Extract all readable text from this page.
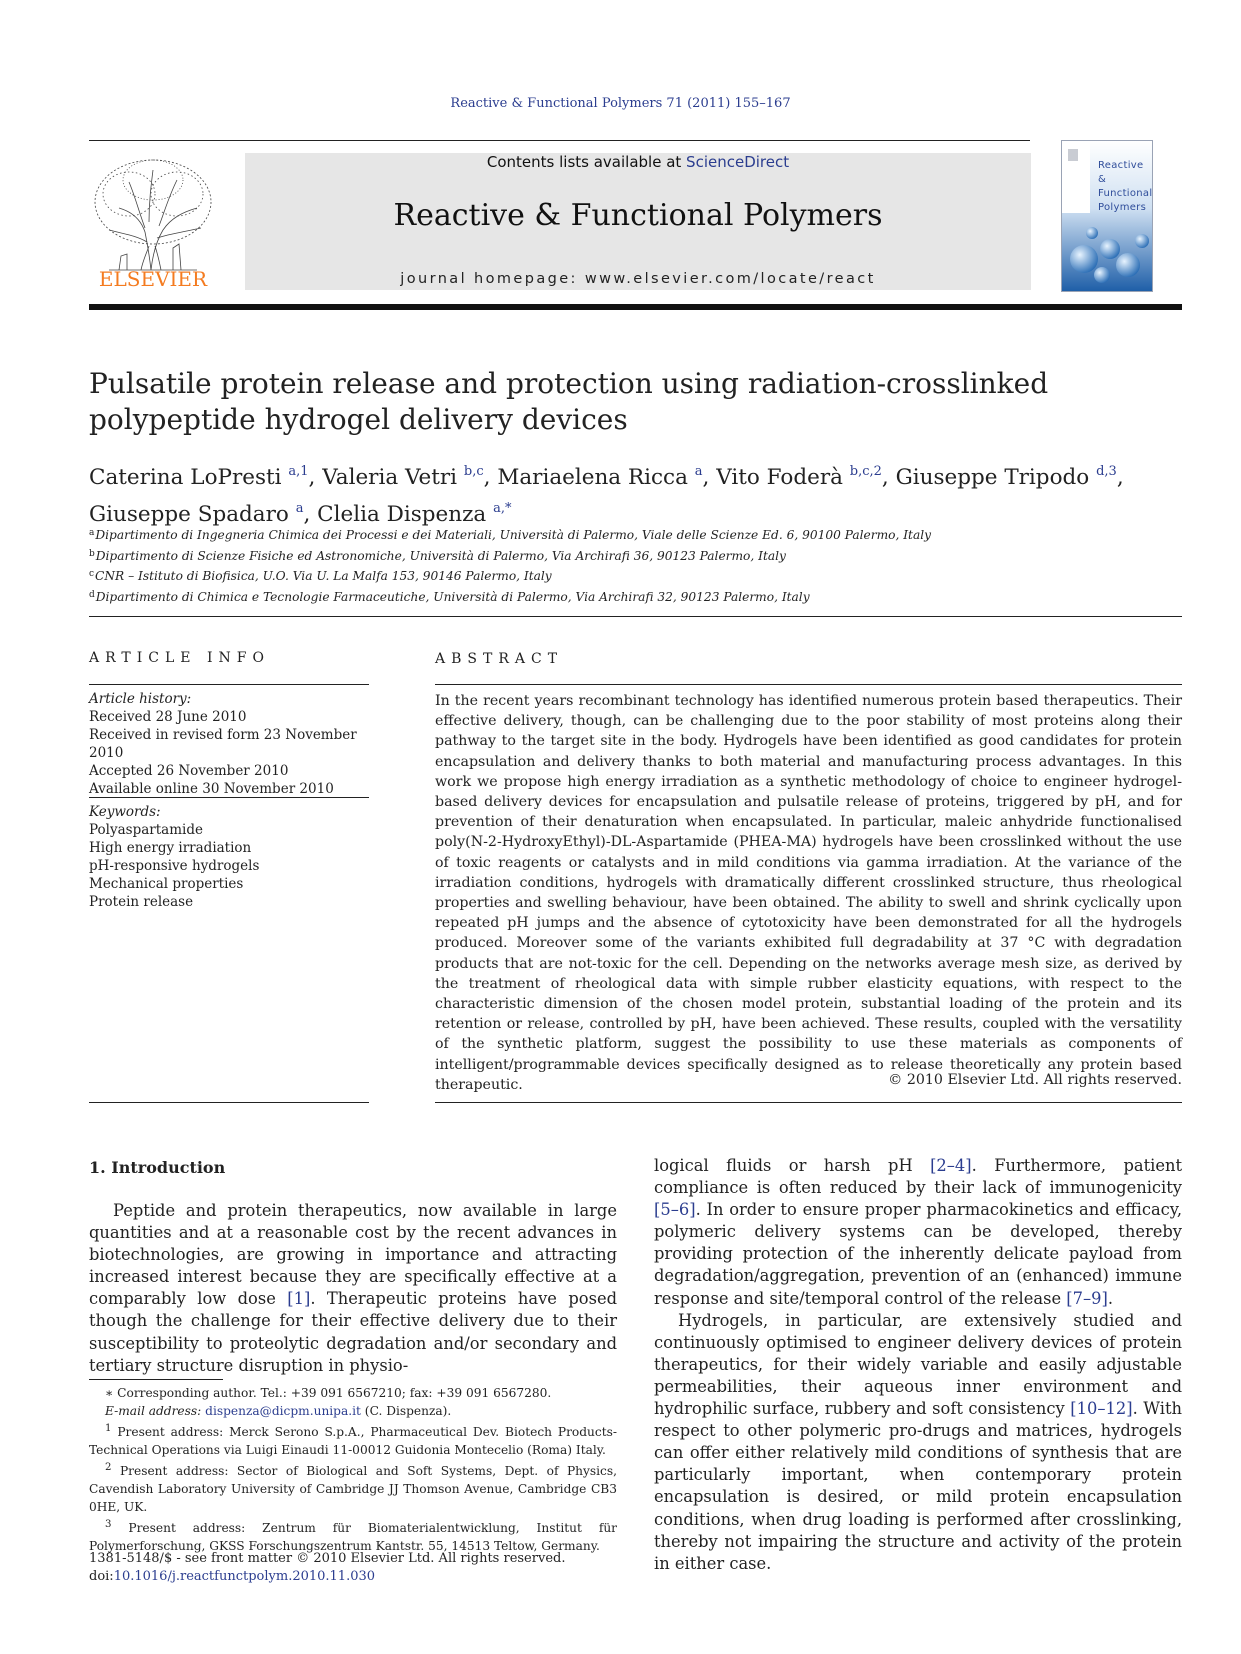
Reactive & Functional Polymers 71 (2011) 155–167
ELSEVIER
Contents lists available at ScienceDirect
Reactive & Functional Polymers
journal homepage: www.elsevier.com/locate/react
Reactive &
Functional
Polymers
Pulsatile protein release and protection using radiation-crosslinked polypeptide hydrogel delivery devices
Caterina LoPresti $^{a,1}$, Valeria Vetri $^{b,c}$, Mariaelena Ricca $^a$, Vito Foderà $^{b,c,2}$, Giuseppe Tripodo $^{d,3}$,
Giuseppe Spadaro $^a$, Clelia Dispenza $^{a,*}$
$^a$Dipartimento di Ingegneria Chimica dei Processi e dei Materiali, Università di Palermo, Viale delle Scienze Ed. 6, 90100 Palermo, Italy
$^b$Dipartimento di Scienze Fisiche ed Astronomiche, Università di Palermo, Via Archirafi 36, 90123 Palermo, Italy
$^c$CNR – Istituto di Biofisica, U.O. Via U. La Malfa 153, 90146 Palermo, Italy
$^d$Dipartimento di Chimica e Tecnologie Farmaceutiche, Università di Palermo, Via Archirafi 32, 90123 Palermo, Italy
ARTICLE INFO
Article history:
Received 28 June 2010
Received in revised form 23 November 2010
Accepted 26 November 2010
Available online 30 November 2010
Keywords:
Polyaspartamide
High energy irradiation
pH-responsive hydrogels
Mechanical properties
Protein release
ABSTRACT
In the recent years recombinant technology has identified numerous protein based therapeutics. Their effective delivery, though, can be challenging due to the poor stability of most proteins along their pathway to the target site in the body. Hydrogels have been identified as good candidates for protein encapsulation and delivery thanks to both material and manufacturing process advantages. In this work we propose high energy irradiation as a synthetic methodology of choice to engineer hydrogel-based delivery devices for encapsulation and pulsatile release of proteins, triggered by pH, and for prevention of their denaturation when encapsulated. In particular, maleic anhydride functionalised poly(N-2-HydroxyEthyl)-DL-Aspartamide (PHEA-MA) hydrogels have been crosslinked without the use of toxic reagents or catalysts and in mild conditions via gamma irradiation. At the variance of the irradiation conditions, hydrogels with dramatically different crosslinked structure, thus rheological properties and swelling behaviour, have been obtained. The ability to swell and shrink cyclically upon repeated pH jumps and the absence of cytotoxicity have been demonstrated for all the hydrogels produced. Moreover some of the variants exhibited full degradability at 37 °C with degradation products that are not-toxic for the cell. Depending on the networks average mesh size, as derived by the treatment of rheological data with simple rubber elasticity equations, with respect to the characteristic dimension of the chosen model protein, substantial loading of the protein and its retention or release, controlled by pH, have been achieved. These results, coupled with the versatility of the synthetic platform, suggest the possibility to use these materials as components of intelligent/programmable devices specifically designed as to release theoretically any protein based therapeutic.	© 2010 Elsevier Ltd. All rights reserved.
1. Introduction

Peptide and protein therapeutics, now available in large quantities and at a reasonable cost by the recent advances in biotechnologies, are growing in importance and attracting increased interest because they are specifically effective at a comparably low dose [1]. Therapeutic proteins have posed though the challenge for their effective delivery due to their susceptibility to proteolytic degradation and/or secondary and tertiary structure disruption in physio-

logical fluids or harsh pH [2–4]. Furthermore, patient compliance is often reduced by their lack of immunogenicity [5–6]. In order to ensure proper pharmacokinetics and efficacy, polymeric delivery systems can be developed, thereby providing protection of the inherently delicate payload from degradation/aggregation, prevention of an (enhanced) immune response and site/temporal control of the release [7–9].

Hydrogels, in particular, are extensively studied and continuously optimised to engineer delivery devices of protein therapeutics, for their widely variable and easily adjustable permeabilities, their aqueous inner environment and hydrophilic surface, rubbery and soft consistency [10–12]. With respect to other polymeric pro-drugs and matrices, hydrogels can offer either relatively mild conditions of synthesis that are particularly important, when contemporary protein encapsulation is desired, or mild protein encapsulation conditions, when drug loading is performed after crosslinking, thereby not impairing the structure and activity of the protein in either case.

∗ Corresponding author. Tel.: +39 091 6567210; fax: +39 091 6567280.
E-mail address: dispenza@dicpm.unipa.it (C. Dispenza).
$^1$ Present address: Merck Serono S.p.A., Pharmaceutical Dev. Biotech Products-Technical Operations via Luigi Einaudi 11-00012 Guidonia Montecelio (Roma) Italy.
$^2$ Present address: Sector of Biological and Soft Systems, Dept. of Physics, Cavendish Laboratory University of Cambridge JJ Thomson Avenue, Cambridge CB3 0HE, UK.
$^3$ Present address: Zentrum für Biomaterialentwicklung, Institut für Polymerforschung, GKSS Forschungszentrum Kantstr. 55, 14513 Teltow, Germany.
1381-5148/$ - see front matter © 2010 Elsevier Ltd. All rights reserved.
doi:10.1016/j.reactfunctpolym.2010.11.030
